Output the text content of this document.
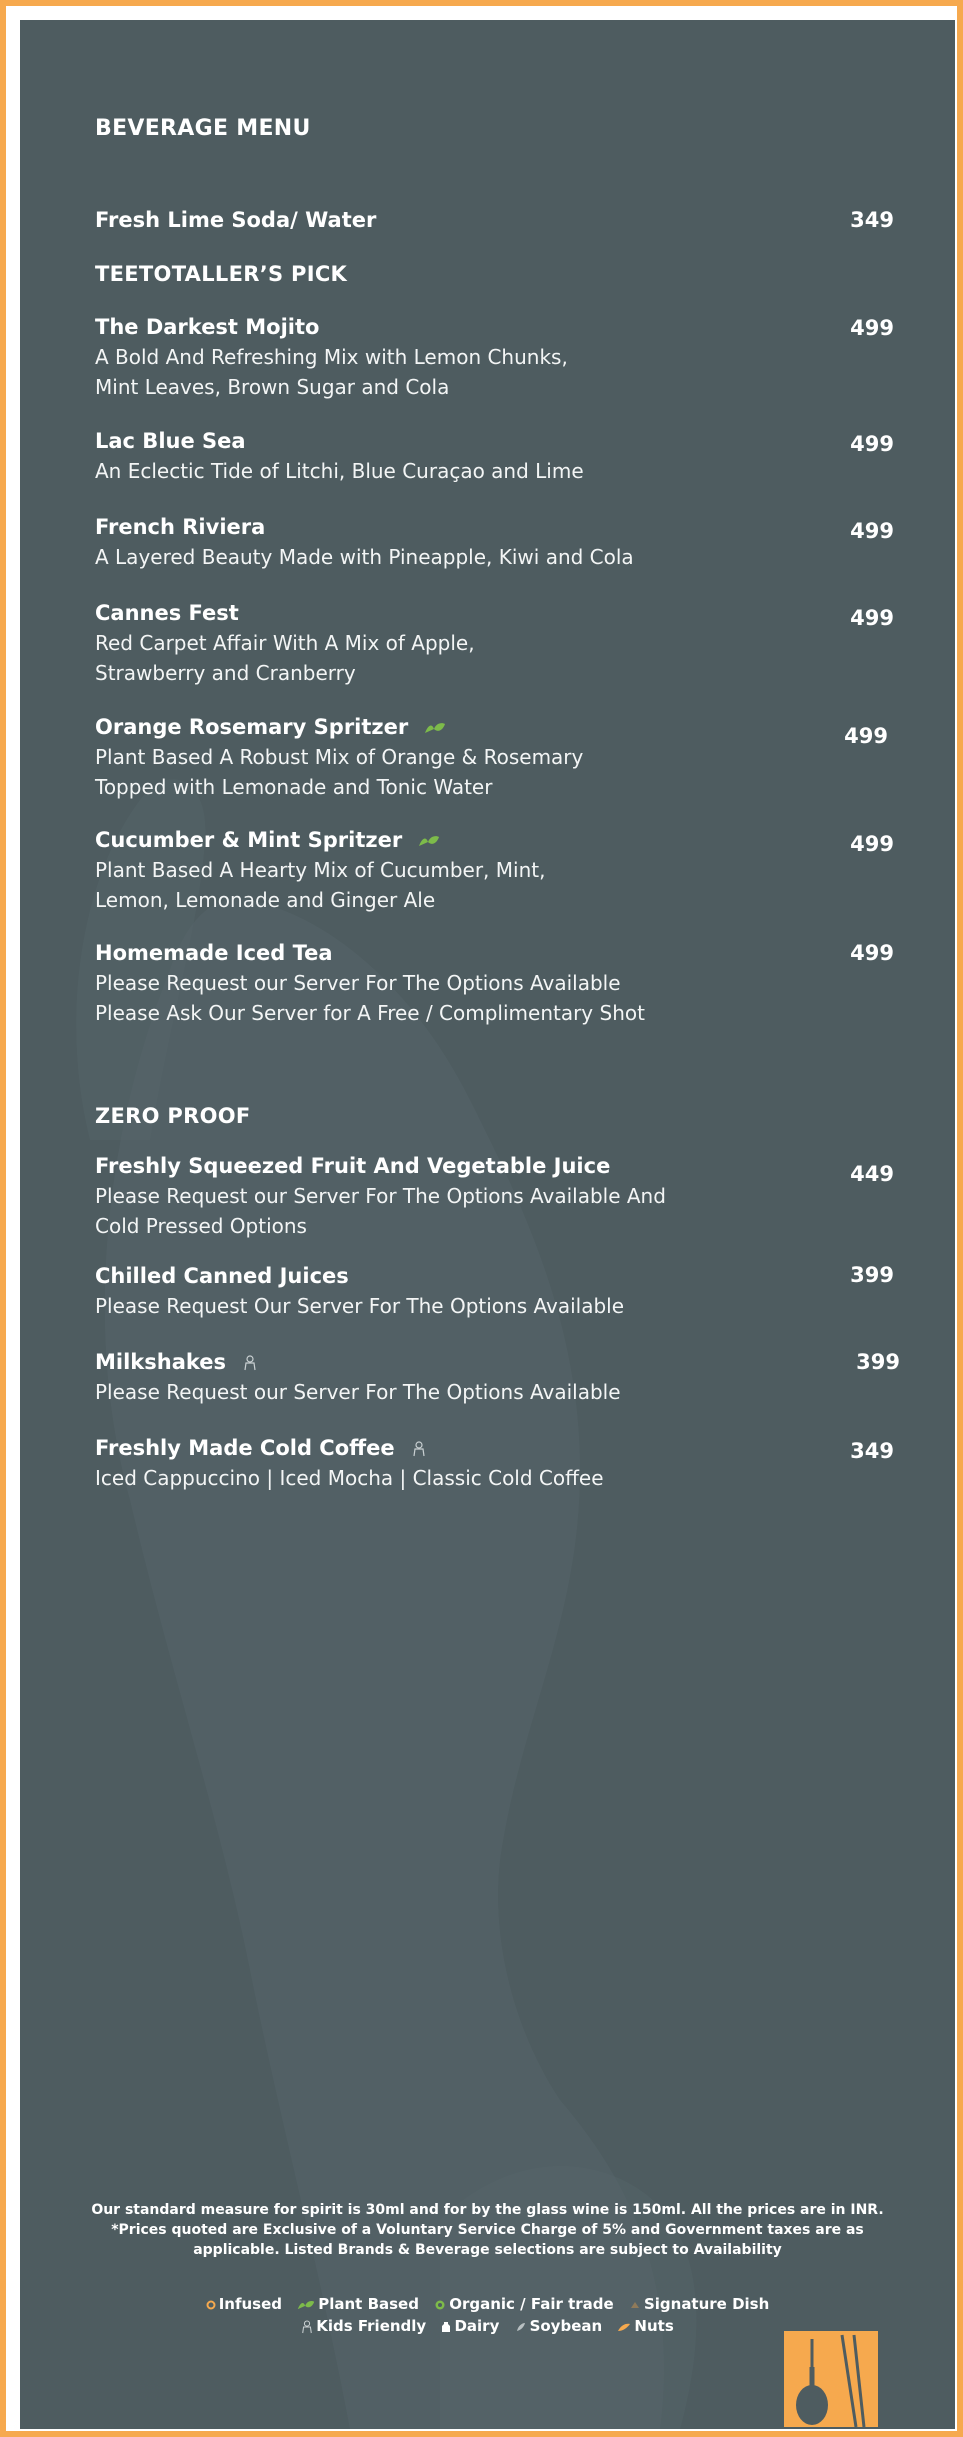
BEVERAGE MENU
Fresh Lime Soda/ Water	349
TEETOTALLER’S PICK
The Darkest Mojito	499
A Bold And Refreshing Mix with Lemon Chunks,
Mint Leaves, Brown Sugar and Cola
Lac Blue Sea	499
An Eclectic Tide of Litchi, Blue Curaçao and Lime
French Riviera	499
A Layered Beauty Made with Pineapple, Kiwi and Cola
Cannes Fest	499
Red Carpet Affair With A Mix of Apple,
Strawberry and Cranberry
Orange Rosemary Spritzer	499
Plant Based A Robust Mix of Orange & Rosemary
Topped with Lemonade and Tonic Water
Cucumber & Mint Spritzer	499
Plant Based A Hearty Mix of Cucumber, Mint,
Lemon, Lemonade and Ginger Ale
Homemade Iced Tea	499
Please Request our Server For The Options Available
Please Ask Our Server for A Free / Complimentary Shot
ZERO PROOF
Freshly Squeezed Fruit And Vegetable Juice	449
Please Request our Server For The Options Available And
Cold Pressed Options
Chilled Canned Juices	399
Please Request Our Server For The Options Available
Milkshakes	399
Please Request our Server For The Options Available
Freshly Made Cold Coffee	349
Iced Cappuccino | Iced Mocha | Classic Cold Coffee
Our standard measure for spirit is 30ml and for by the glass wine is 150ml. All the prices are in INR.
*Prices quoted are Exclusive of a Voluntary Service Charge of 5% and Government taxes are as
applicable. Listed Brands & Beverage selections are subject to Availability
Infused Plant Based Organic / Fair trade Signature Dish
Kids Friendly Dairy Soybean Nuts
